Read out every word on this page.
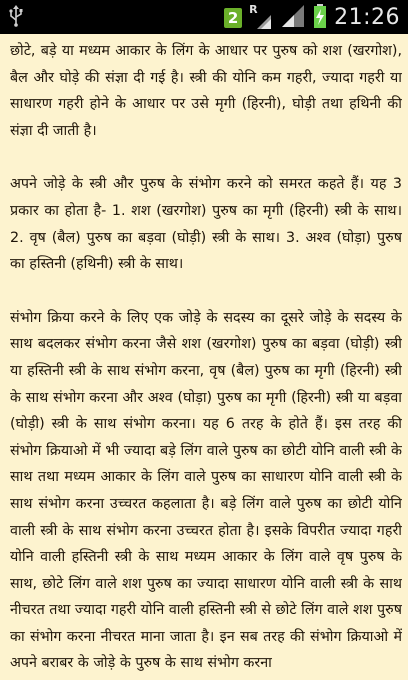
2 R	21:26

छोटे, बड़े या मध्यम आकार के लिंग के आधार पर पुरुष को शश (खरगोश), बैल और घोड़े की संज्ञा दी गई है। स्त्री की योनि कम गहरी, ज्यादा गहरी या साधारण गहरी होने के आधार पर उसे मृगी (हिरनी), घोड़ी तथा हथिनी की संज्ञा दी जाती है।

अपने जोड़े के स्त्री और पुरुष के संभोग करने को समरत कहते हैं। यह 3 प्रकार का होता है- 1. शश (खरगोश) पुरुष का मृगी (हिरनी) स्त्री के साथ। 2. वृष (बैल) पुरुष का बड़वा (घोड़ी) स्त्री के साथ। 3. अश्व (घोड़ा) पुरुष का हस्तिनी (हथिनी) स्त्री के साथ।

संभोग क्रिया करने के लिए एक जोड़े के सदस्य का दूसरे जोड़े के सदस्य के साथ बदलकर संभोग करना जैसे शश (खरगोश) पुरुष का बड़वा (घोड़ी) स्त्री या हस्तिनी स्त्री के साथ संभोग करना, वृष (बैल) पुरुष का मृगी (हिरनी) स्त्री के साथ संभोग करना और अश्व (घोड़ा) पुरुष का मृगी (हिरनी) स्त्री या बड़वा (घोड़ी) स्त्री के साथ संभोग करना। यह 6 तरह के होते हैं। इस तरह की संभोग क्रियाओ में भी ज्यादा बड़े लिंग वाले पुरुष का छोटी योनि वाली स्त्री के साथ तथा मध्यम आकार के लिंग वाले पुरुष का साधारण योनि वाली स्त्री के साथ संभोग करना उच्चरत कहलाता है। बड़े लिंग वाले पुरुष का छोटी योनि वाली स्त्री के साथ संभोग करना उच्चरत होता है। इसके विपरीत ज्यादा गहरी योनि वाली हस्तिनी स्त्री के साथ मध्यम आकार के लिंग वाले वृष पुरुष के साथ, छोटे लिंग वाले शश पुरुष का ज्यादा साधारण योनि वाली स्त्री के साथ नीचरत तथा ज्यादा गहरी योनि वाली हस्तिनी स्त्री से छोटे लिंग वाले शश पुरुष का संभोग करना नीचरत माना जाता है। इन सब तरह की संभोग क्रियाओ में अपने बराबर के जोड़े के पुरुष के साथ संभोग करना
